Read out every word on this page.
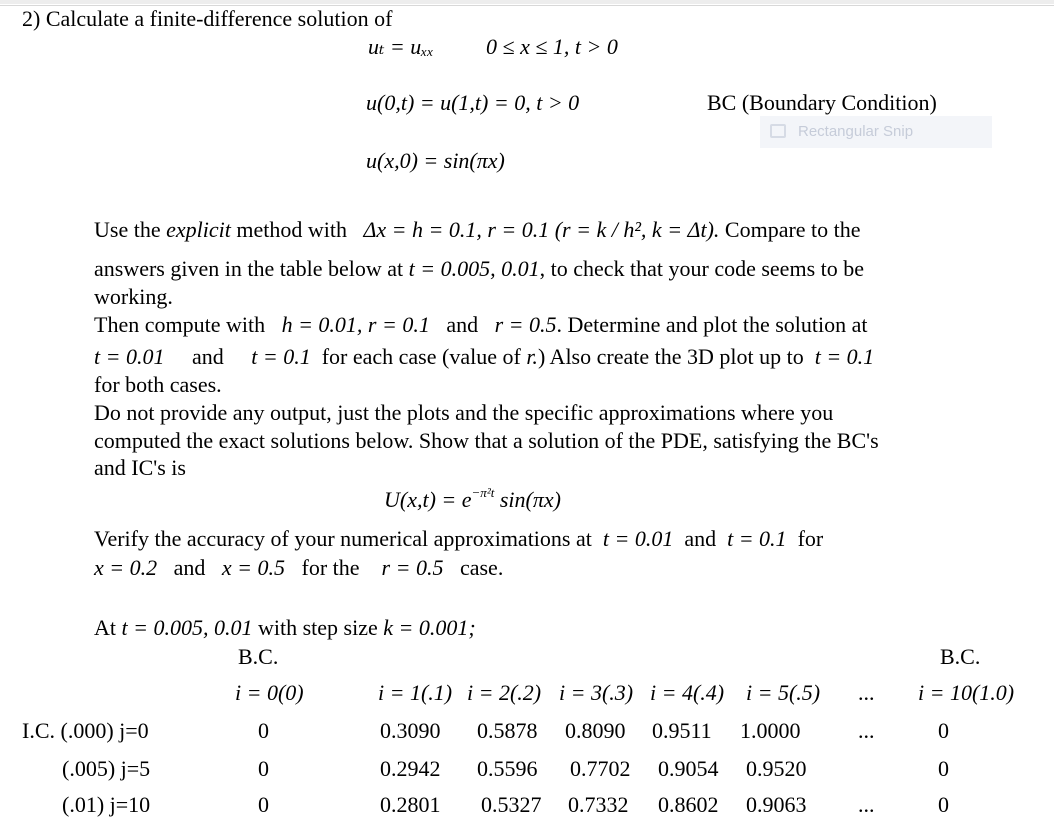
2) Calculate a finite-difference solution of
uₜ = uₓₓ 0 ≤ x ≤ 1, t > 0
u(0,t) = u(1,t) = 0, t > 0	BC (Boundary Condition)
Rectangular Snip
u(x,0) = sin(πx)
Use the explicit method with Δx = h = 0.1, r = 0.1 (r = k / h², k = Δt). Compare to the
answers given in the table below at t = 0.005, 0.01, to check that your code seems to be
working.
Then compute with h = 0.01, r = 0.1 and r = 0.5. Determine and plot the solution at
t = 0.01 and t = 0.1 for each case (value of r.) Also create the 3D plot up to t = 0.1
for both cases.
Do not provide any output, just the plots and the specific approximations where you
computed the exact solutions below. Show that a solution of the PDE, satisfying the BC's
and IC's is
$U(x,t) = e^{-\pi^2t}$ sin(πx)
Verify the accuracy of your numerical approximations at t = 0.01 and t = 0.1 for
x = 0.2 and x = 0.5 for the r = 0.5 case.
At t = 0.005, 0.01 with step size k = 0.001;
B.C.	B.C.
i = 0(0)	i = 1(.1) i = 2(.2) i = 3(.3) i = 4(.4) i = 5(.5) ... i = 10(1.0)
I.C. (.000) j=0	0	0.3090 0.5878 0.8090 0.9511 1.0000	...	0
(.005) j=5	0	0.2942 0.5596 0.7702 0.9054 0.9520	0
(.01) j=10	0	0.2801 0.5327 0.7332 0.8602 0.9063 ...	0
